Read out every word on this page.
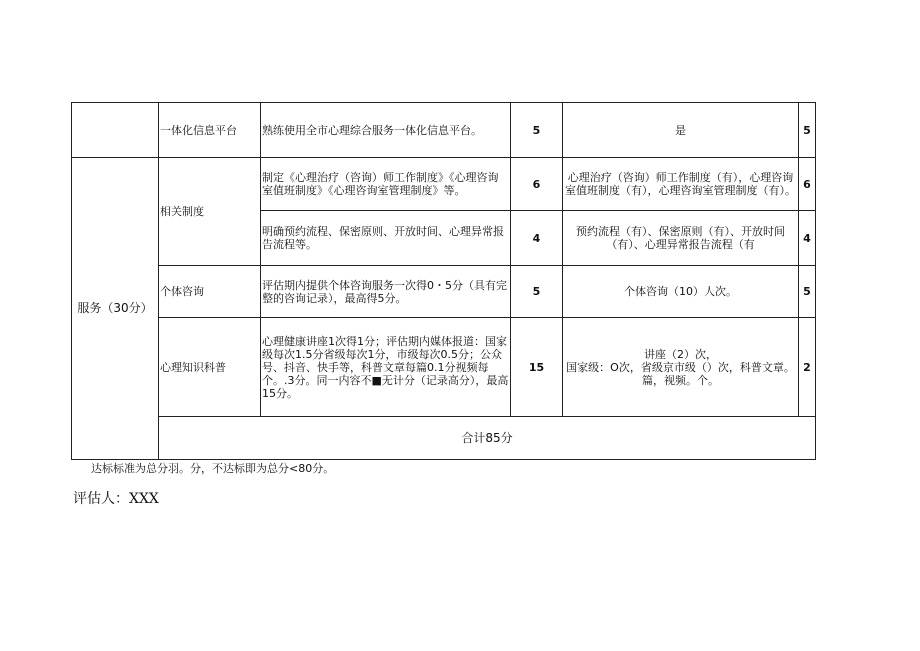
	一体化信息平台	熟练使用全市心理综合服务一体化信息平台。	5	是	5	
服务（30分）	相关制度	制定《心理治疗（咨询）师工作制度》《心理咨询室值班制度》《心理咨询室管理制度》等。	6	心理治疗（咨询）师工作制度（有），心理咨询室值班制度（有），心理咨询室管理制度（有）。	6	
		明确预约流程、保密原则、开放时间、心理异常报告流程等。	4	预约流程（有）、保密原则（有）、开放时间（有）、心理异常报告流程（有	4	
	个体咨询	评估期内提供个体咨询服务一次得0・5分（具有完整的咨询记录），最高得5分。	5	个体咨询（10）人次。	5	
	心理知识科普	心理健康讲座1次得1分；评估期内媒体报道：国家级每次1.5分省级每次1分，市级每次0.5分；公众号、抖音、快手等，科普文章每篇0.1分视频每个。.3分。同一内容不■无计分（记录高分），最高15分。	15	讲座（2）次，
国家级：O次，省级京市级（）次，科普文章。
篇，视频。个。	2	
	合计85分					
达标标准为总分羽。分，不达标即为总分<80分。
评估人：XXX
